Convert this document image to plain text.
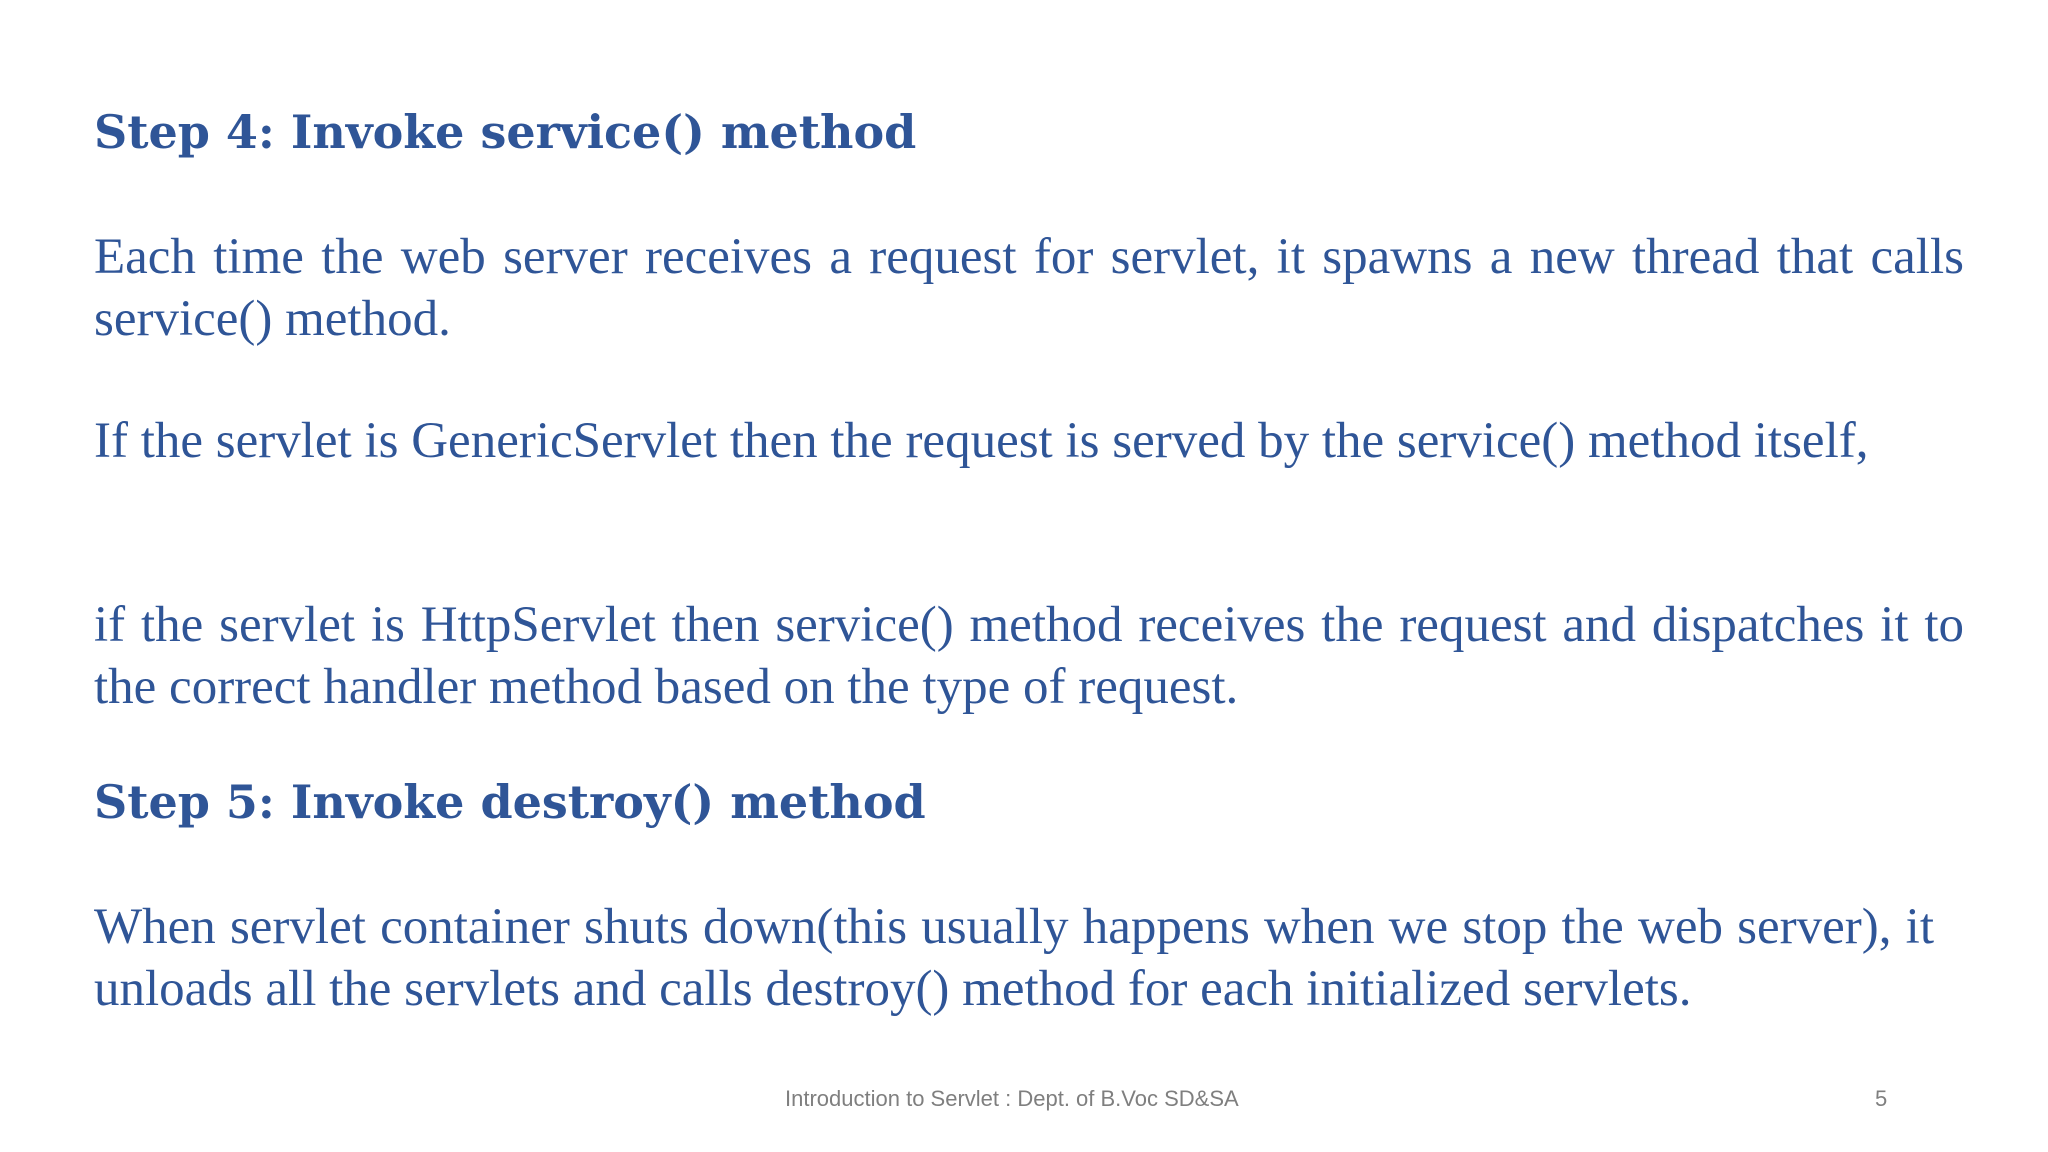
Step 4: Invoke service() method

Each time the web server receives a request for servlet, it spawns a new thread that calls service() method.

If the servlet is GenericServlet then the request is served by the service() method itself,

if the servlet is HttpServlet then service() method receives the request and dispatches it to the correct handler method based on the type of request.

Step 5: Invoke destroy() method

When servlet container shuts down(this usually happens when we stop the web server), it unloads all the servlets and calls destroy() method for each initialized servlets.

Introduction to Servlet : Dept. of B.Voc SD&SA	5
